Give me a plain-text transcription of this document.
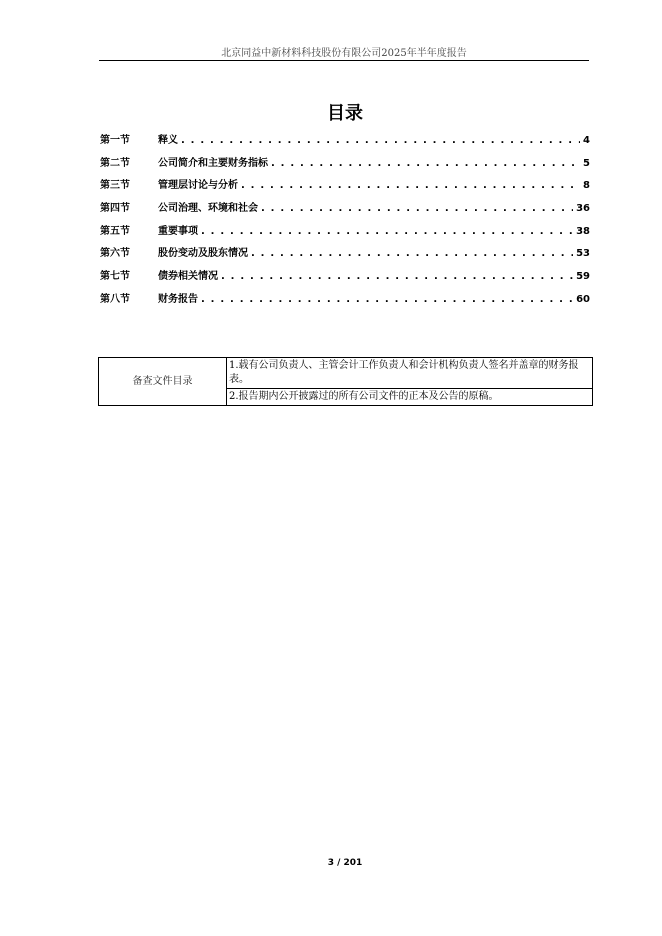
北京同益中新材料科技股份有限公司2025年半年度报告
目录
第一节	释义 . . .	4
第二节	公司简介和主要财务指标 . . .	5
第三节	管理层讨论与分析 . . .	8
第四节	公司治理、环境和社会 . . .	36
第五节	重要事项 . . .	38
第六节	股份变动及股东情况 . . .	53
第七节	债券相关情况 . . .	59
第八节	财务报告 . . .	60
备查文件目录	1.载有公司负责人、主管会计工作负责人和会计机构负责人签名并盖章的财务报表。
2.报告期内公开披露过的所有公司文件的正本及公告的原稿。
3 / 201
